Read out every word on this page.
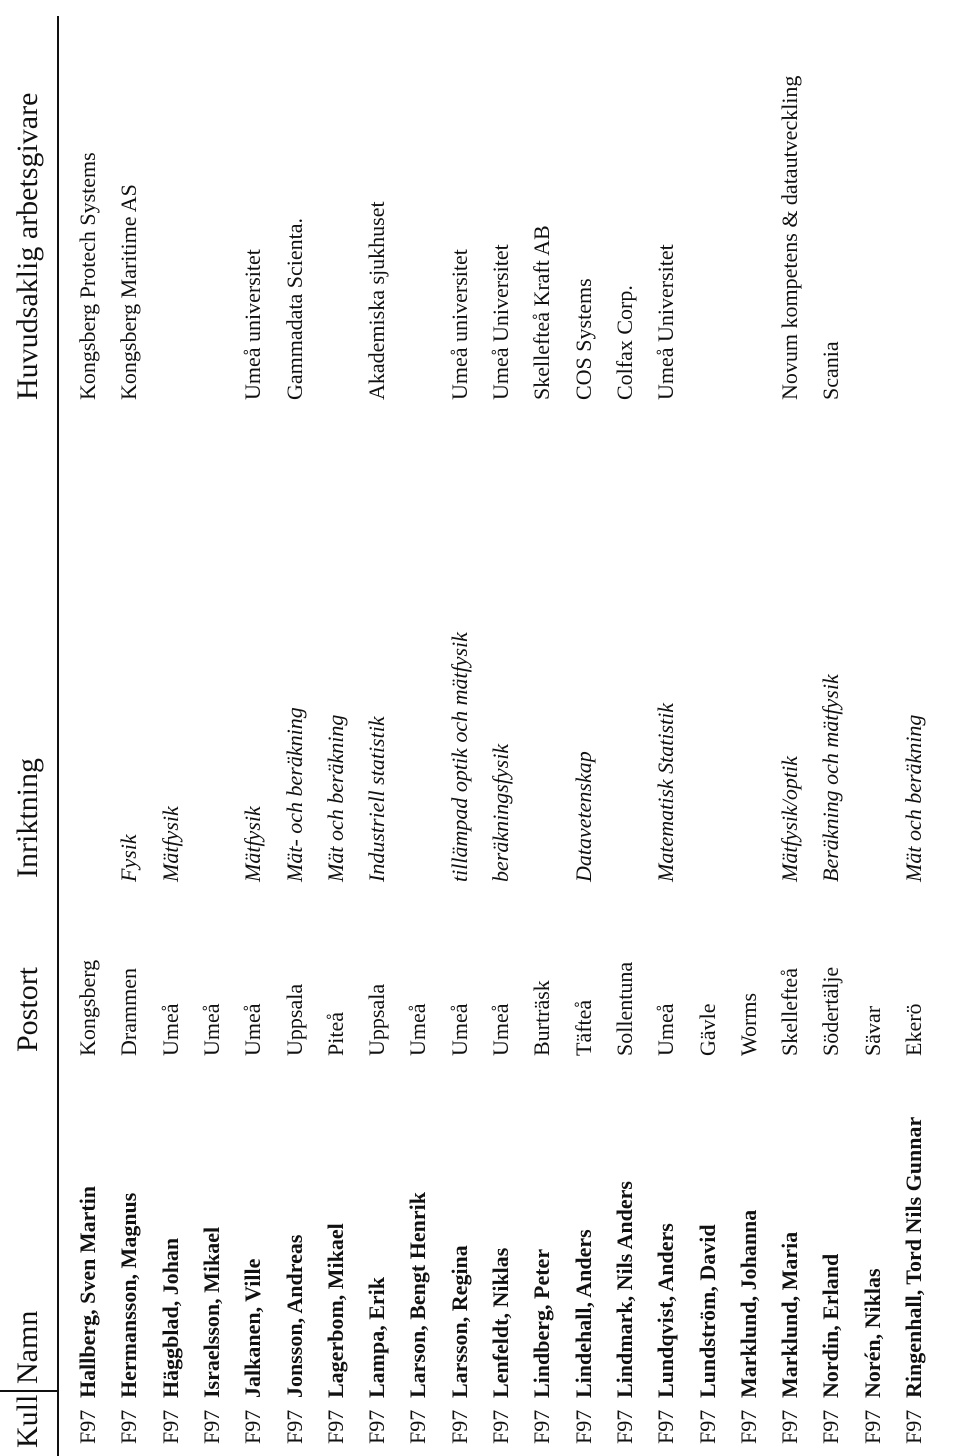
Kull
Namn
Postort
Inriktning
Huvudsaklig arbetsgivare
F97
Hallberg, Sven Martin
Kongsberg
Kongsberg Protech Systems
F97
Hermansson, Magnus
Drammen
Fysik
Kongsberg Maritime AS
F97
Häggblad, Johan
Umeå
Mätfysik
F97
Israelsson, Mikael
Umeå
F97
Jalkanen, Ville
Umeå
Mätfysik
Umeå universitet
F97
Jonsson, Andreas
Uppsala
Mät- och beräkning
Gammadata Scienta.
F97
Lagerbom, Mikael
Piteå
Mät och beräkning
F97
Lampa, Erik
Uppsala
Industriell statistik
Akademiska sjukhuset
F97
Larson, Bengt Henrik
Umeå
F97
Larsson, Regina
Umeå
tillämpad optik och mätfysik
Umeå universitet
F97
Lenfeldt, Niklas
Umeå
beräkningsfysik
Umeå Universitet
F97
Lindberg, Peter
Burträsk
Skellefteå Kraft AB
F97
Lindehall, Anders
Täfteå
Datavetenskap
COS Systems
F97
Lindmark, Nils Anders
Sollentuna
Colfax Corp.
F97
Lundqvist, Anders
Umeå
Matematisk Statistik
Umeå Universitet
F97
Lundström, David
Gävle
F97
Marklund, Johanna
Worms
F97
Marklund, Maria
Skellefteå
Mätfysik/optik
Novum kompetens & datautveckling
F97
Nordin, Erland
Södertälje
Beräkning och mätfysik
Scania
F97
Norén, Niklas
Sävar
F97
Ringenhall, Tord Nils Gunnar
Ekerö
Mät och beräkning
